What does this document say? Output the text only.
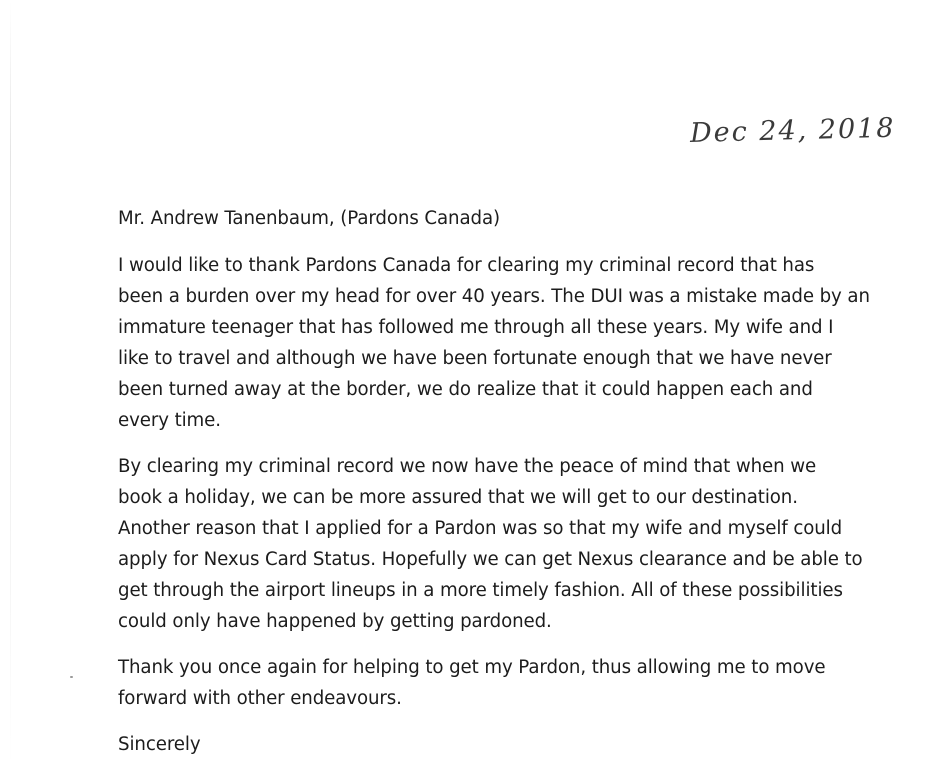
Dec 24, 2018

Mr. Andrew Tanenbaum, (Pardons Canada)

I would like to thank Pardons Canada for clearing my criminal record that has
been a burden over my head for over 40 years. The DUI was a mistake made by an
immature teenager that has followed me through all these years. My wife and I
like to travel and although we have been fortunate enough that we have never
been turned away at the border, we do realize that it could happen each and
every time.

By clearing my criminal record we now have the peace of mind that when we
book a holiday, we can be more assured that we will get to our destination.
Another reason that I applied for a Pardon was so that my wife and myself could
apply for Nexus Card Status. Hopefully we can get Nexus clearance and be able to
get through the airport lineups in a more timely fashion. All of these possibilities
could only have happened by getting pardoned.

Thank you once again for helping to get my Pardon, thus allowing me to move
forward with other endeavours.

Sincerely
